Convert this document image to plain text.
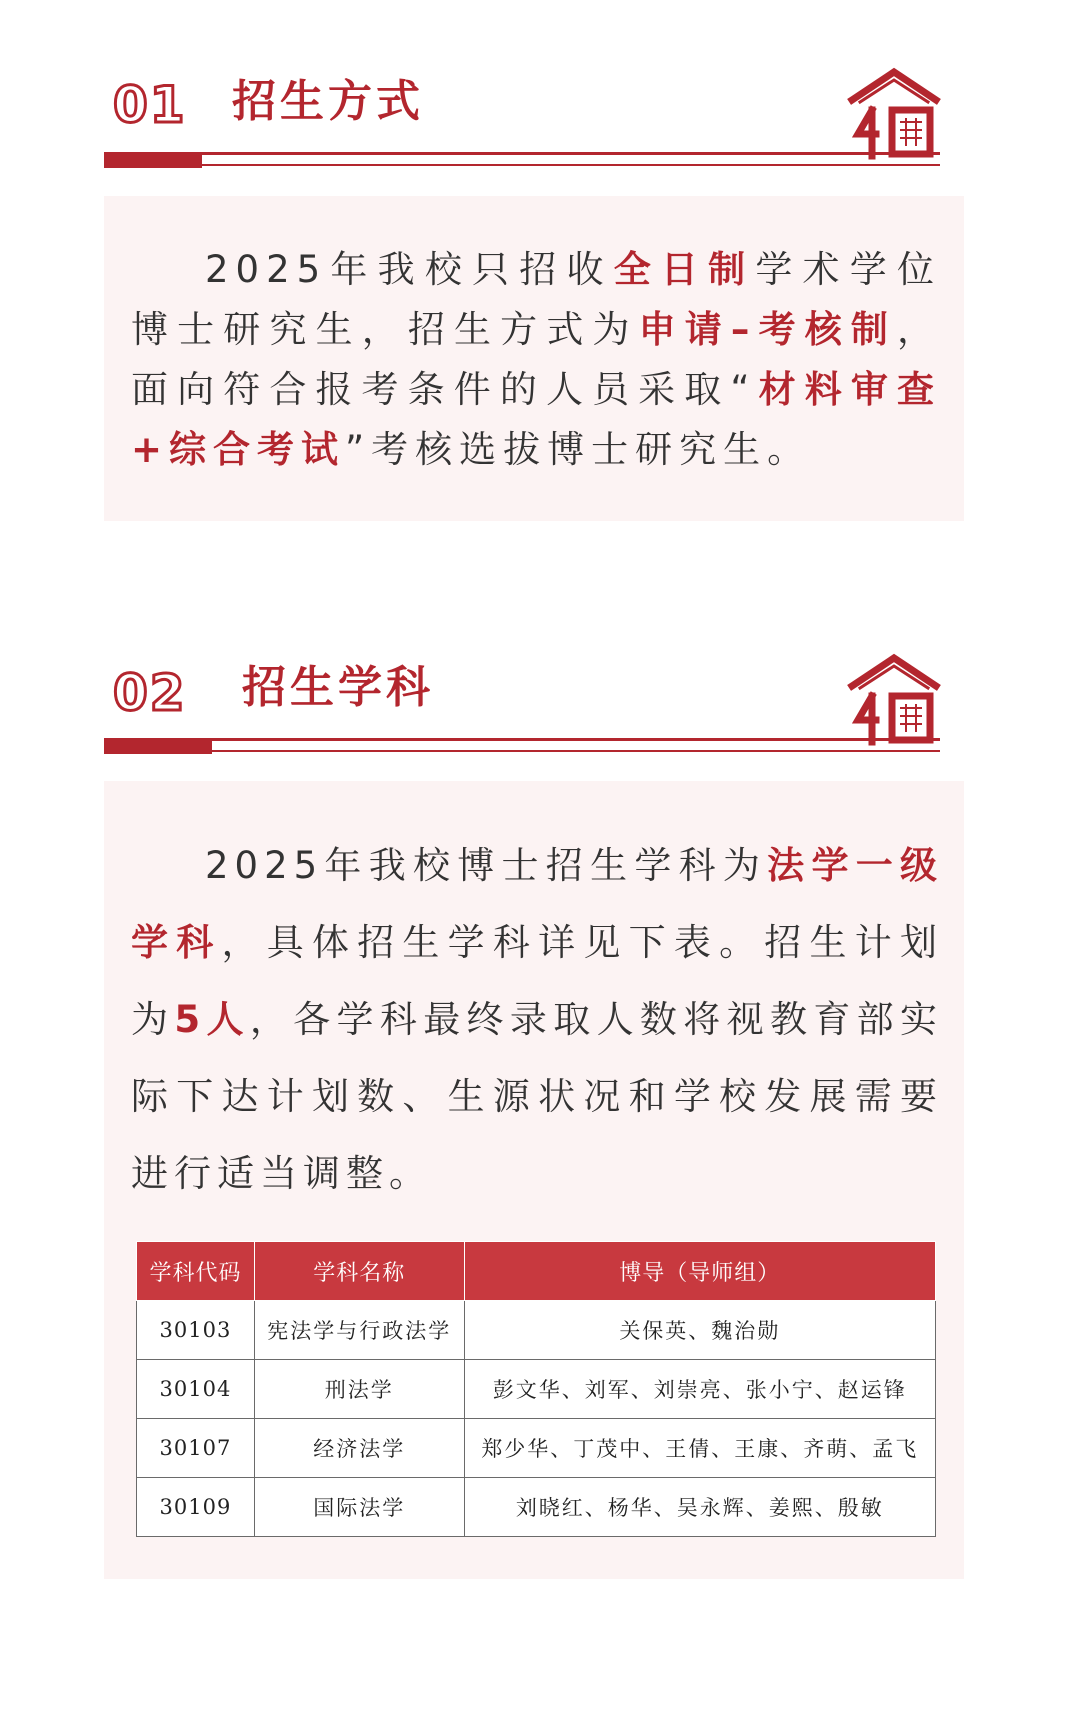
01 招生方式
2025年我校只招收全日制学术学位博士研究生，招生方式为申请–考核制，面向符合报考条件的人员采取“材料审查+综合考试”考核选拔博士研究生。
02 招生学科
2025年我校博士招生学科为法学一级学科，具体招生学科详见下表。招生计划为5人，各学科最终录取人数将视教育部实际下达计划数、生源状况和学校发展需要进行适当调整。
学科代码	学科名称	博导（导师组）
30103	宪法学与行政法学	关保英、魏治勋
30104	刑法学	彭文华、刘军、刘崇亮、张小宁、赵运锋
30107	经济法学	郑少华、丁茂中、王倩、王康、齐萌、孟飞
30109	国际法学	刘晓红、杨华、吴永辉、姜熙、殷敏
